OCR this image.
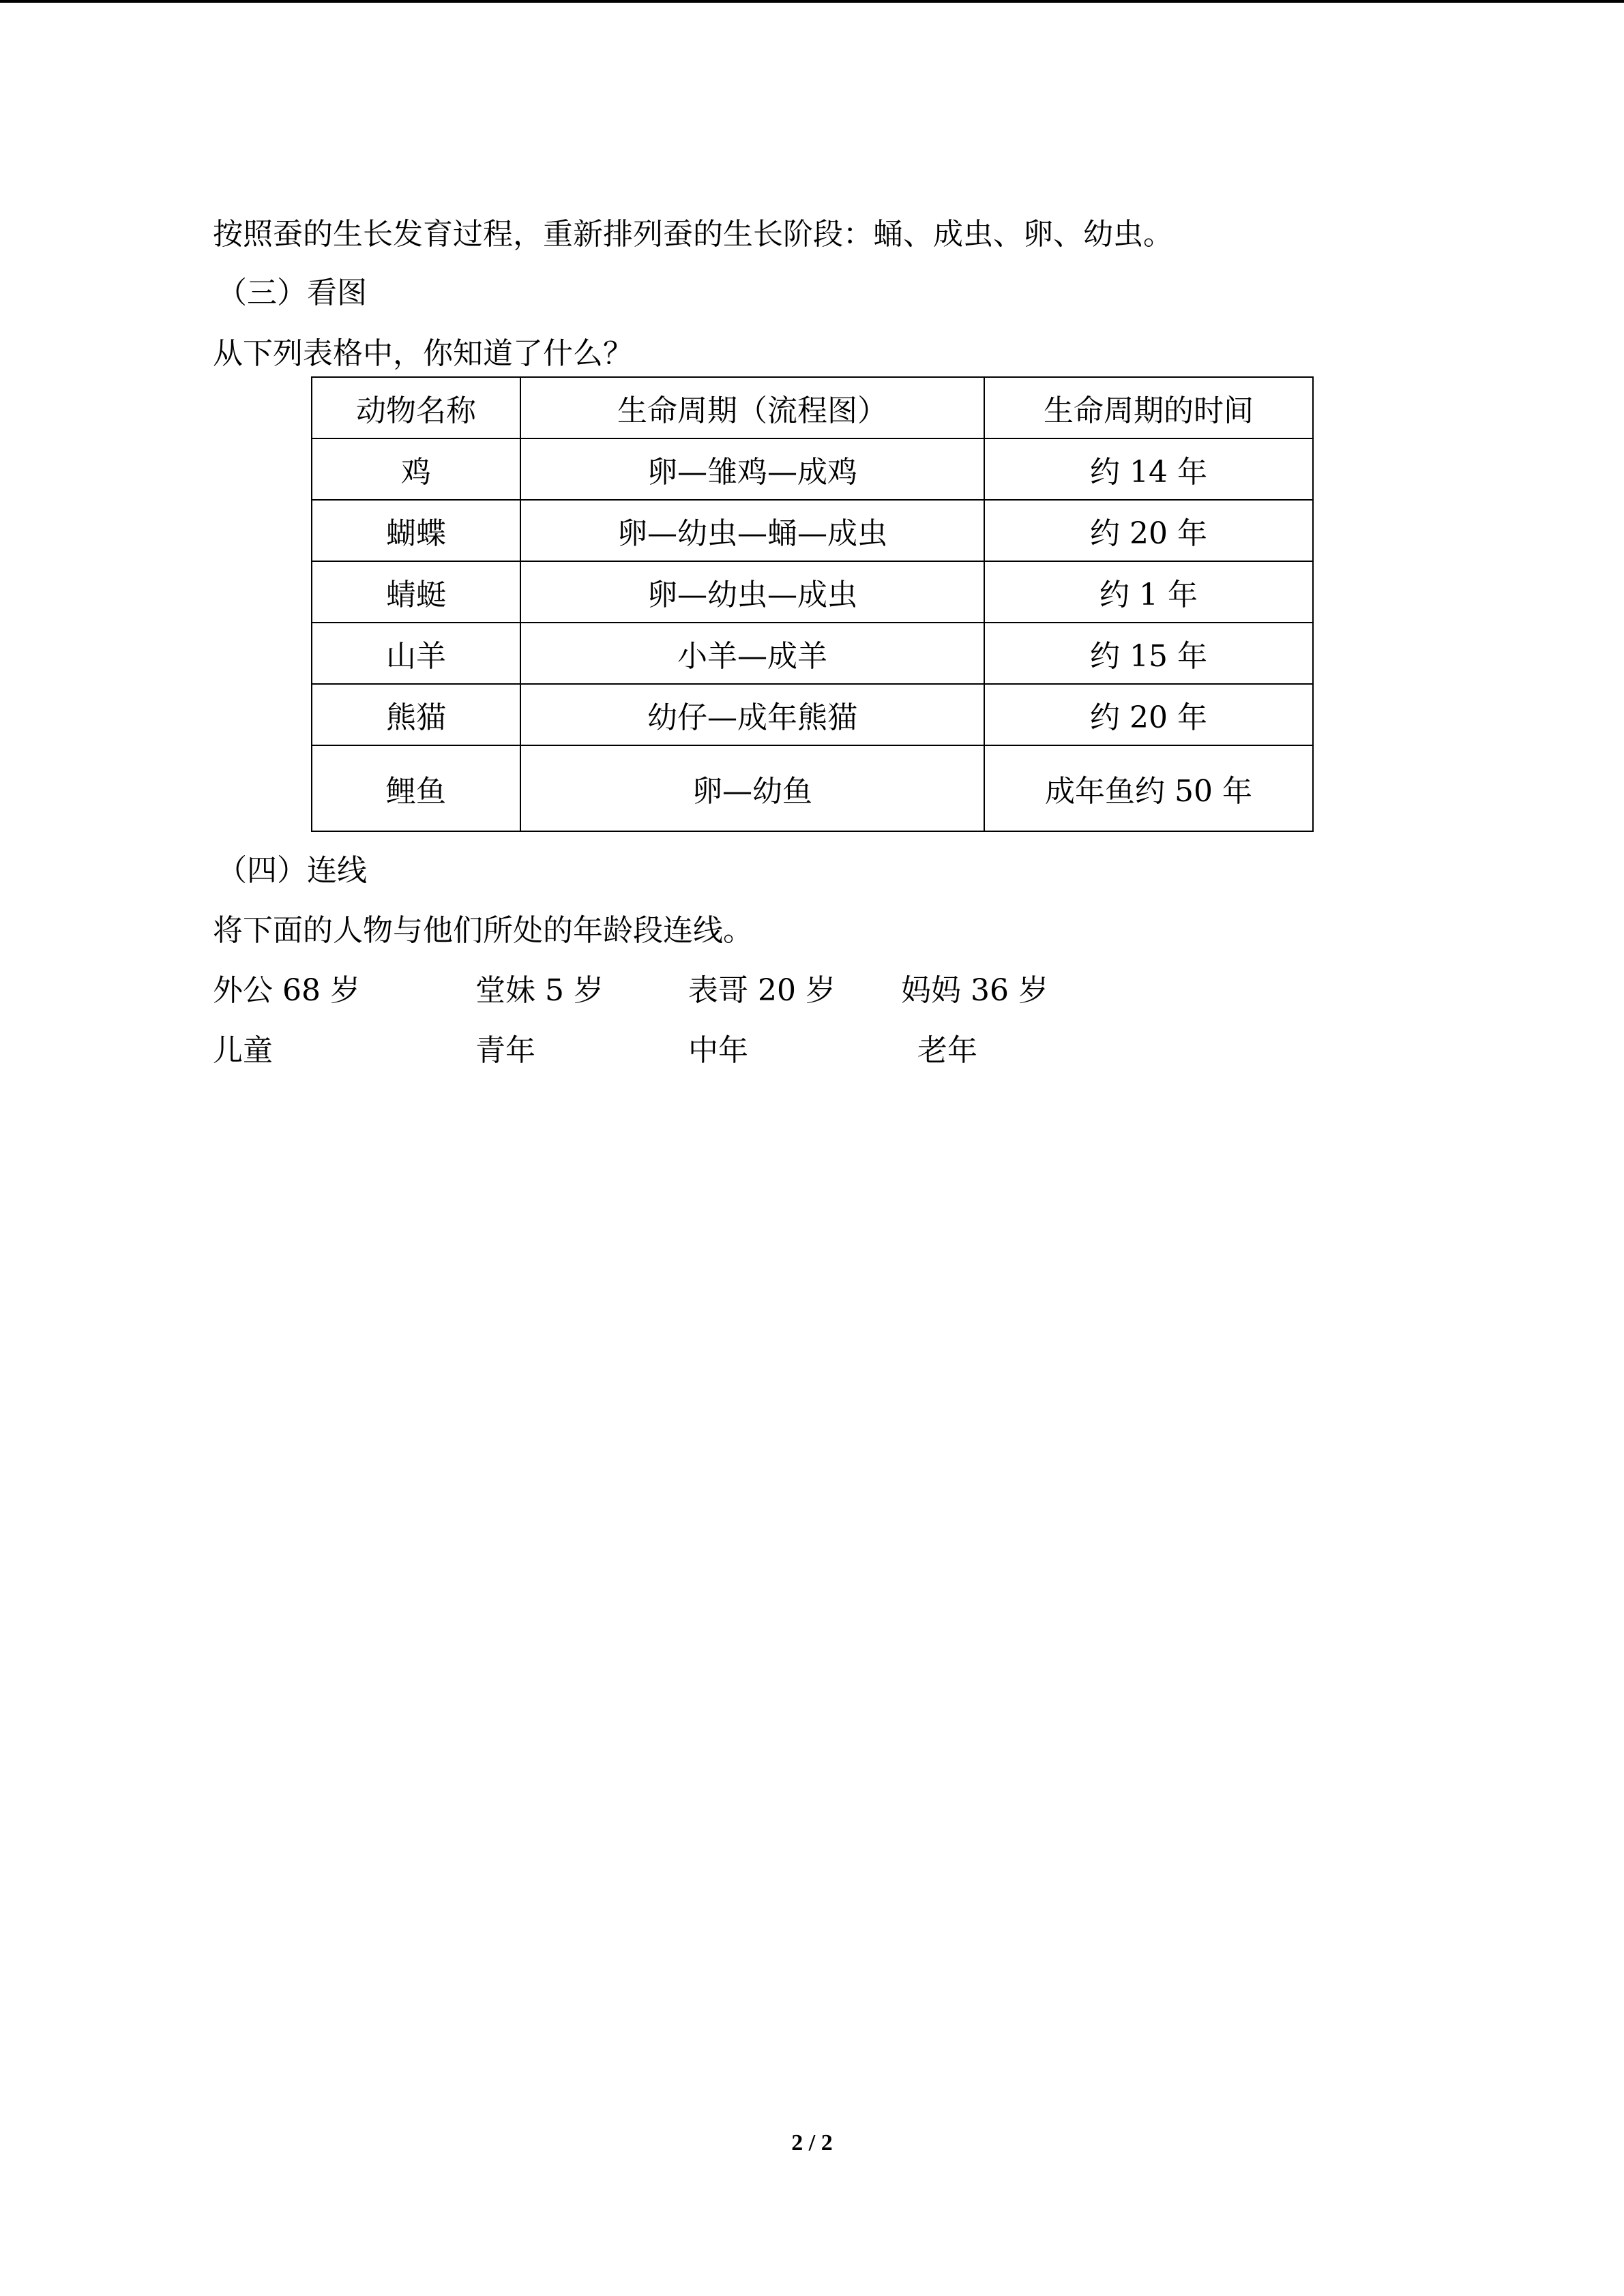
按照蚕的生长发育过程，重新排列蚕的生长阶段：蛹、成虫、卵、幼虫。
（三）看图
从下列表格中，你知道了什么？
动物名称	生命周期（流程图）	生命周期的时间
鸡	卵—雏鸡—成鸡	约 14 年
蝴蝶	卵—幼虫—蛹—成虫	约 20 年
蜻蜓	卵—幼虫—成虫	约 1 年
山羊	小羊—成羊	约 15 年
熊猫	幼仔—成年熊猫	约 20 年
鲤鱼	卵—幼鱼	成年鱼约 50 年
（四）连线
将下面的人物与他们所处的年龄段连线。
外公 68 岁	堂妹 5 岁	表哥 20 岁 妈妈 36 岁
儿童	青年	中年	老年
2 / 2
